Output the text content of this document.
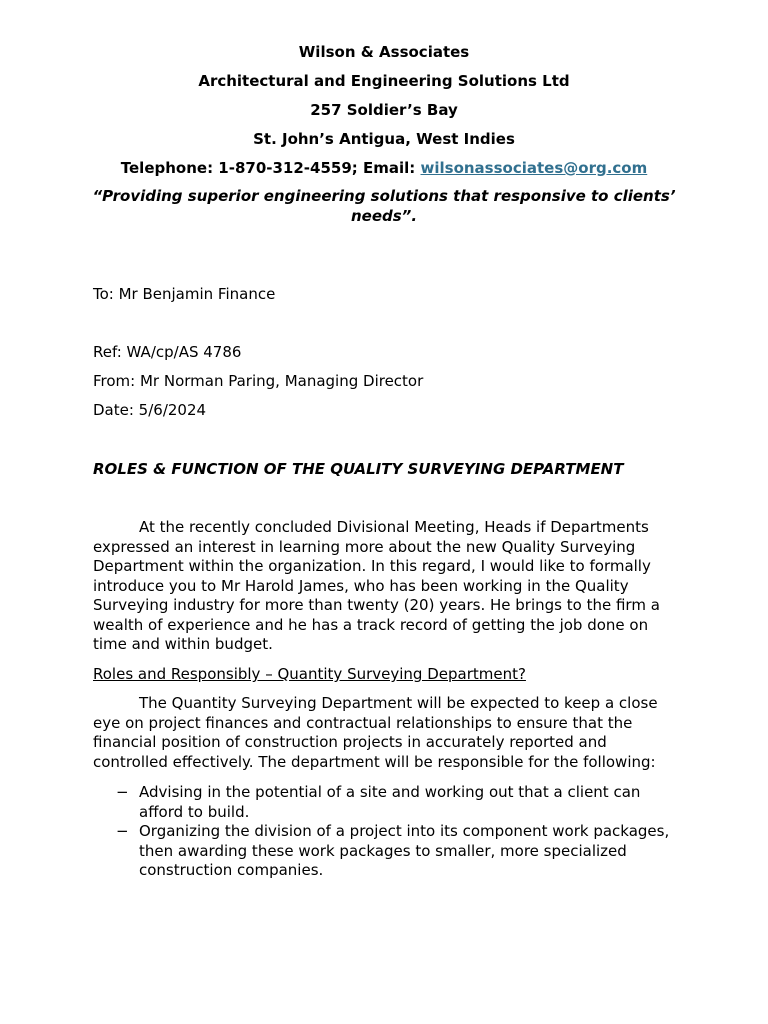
Wilson & Associates

Architectural and Engineering Solutions Ltd

257 Soldier’s Bay

St. John’s Antigua, West Indies

Telephone: 1-870-312-4559; Email: wilsonassociates@org.com

“Providing superior engineering solutions that responsive to clients’ needs”.

To: Mr Benjamin Finance

Ref: WA/cp/AS 4786

From: Mr Norman Paring, Managing Director

Date: 5/6/2024

ROLES & FUNCTION OF THE QUALITY SURVEYING DEPARTMENT

At the recently concluded Divisional Meeting, Heads if Departments expressed an interest in learning more about the new Quality Surveying Department within the organization. In this regard, I would like to formally introduce you to Mr Harold James, who has been working in the Quality Surveying industry for more than twenty (20) years. He brings to the firm a wealth of experience and he has a track record of getting the job done on time and within budget.

Roles and Responsibly – Quantity Surveying Department?

The Quantity Surveying Department will be expected to keep a close eye on project finances and contractual relationships to ensure that the financial position of construction projects in accurately reported and controlled effectively. The department will be responsible for the following:

− Advising in the potential of a site and working out that a client can afford to build.
− Organizing the division of a project into its component work packages, then awarding these work packages to smaller, more specialized construction companies.
